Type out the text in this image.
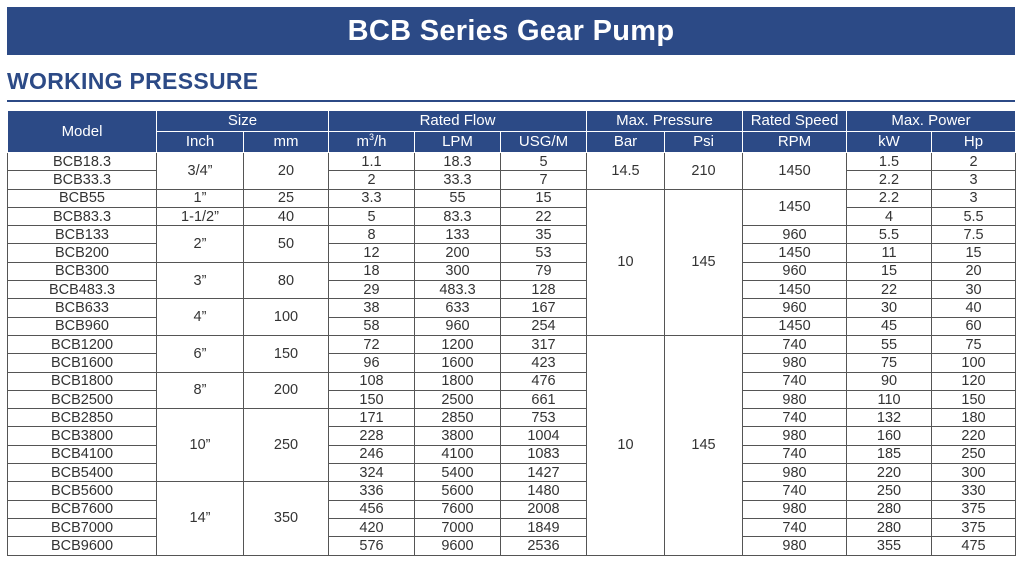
BCB Series Gear Pump
WORKING PRESSURE
Model	Size		Rated Flow			Max. Pressure		Rated Speed	Max. Power	
	Inch	mm	$m^3/h$	LPM	USG/M	Bar	Psi	RPM	kW	Hp
BCB18.3	3/4”	20	1.1	18.3	5	14.5	210	1450	1.5	2
BCB33.3			2	33.3	7				2.2	3
BCB55	1”	25	3.3	55	15	10	145	1450	2.2	3
BCB83.3	1-1/2”	40	5	83.3	22				4	5.5
BCB133	2”	50	8	133	35			960	5.5	7.5
BCB200			12	200	53			1450	11	15
BCB300	3”	80	18	300	79			960	15	20
BCB483.3			29	483.3	128			1450	22	30
BCB633	4”	100	38	633	167			960	30	40
BCB960			58	960	254			1450	45	60
BCB1200	6”	150	72	1200	317	10	145	740	55	75
BCB1600			96	1600	423			980	75	100
BCB1800	8”	200	108	1800	476			740	90	120
BCB2500			150	2500	661			980	110	150
BCB2850	10”	250	171	2850	753			740	132	180
BCB3800			228	3800	1004			980	160	220
BCB4100			246	4100	1083			740	185	250
BCB5400			324	5400	1427			980	220	300
BCB5600	14”	350	336	5600	1480			740	250	330
BCB7600			456	7600	2008			980	280	375
BCB7000			420	7000	1849			740	280	375
BCB9600			576	9600	2536			980	355	475
